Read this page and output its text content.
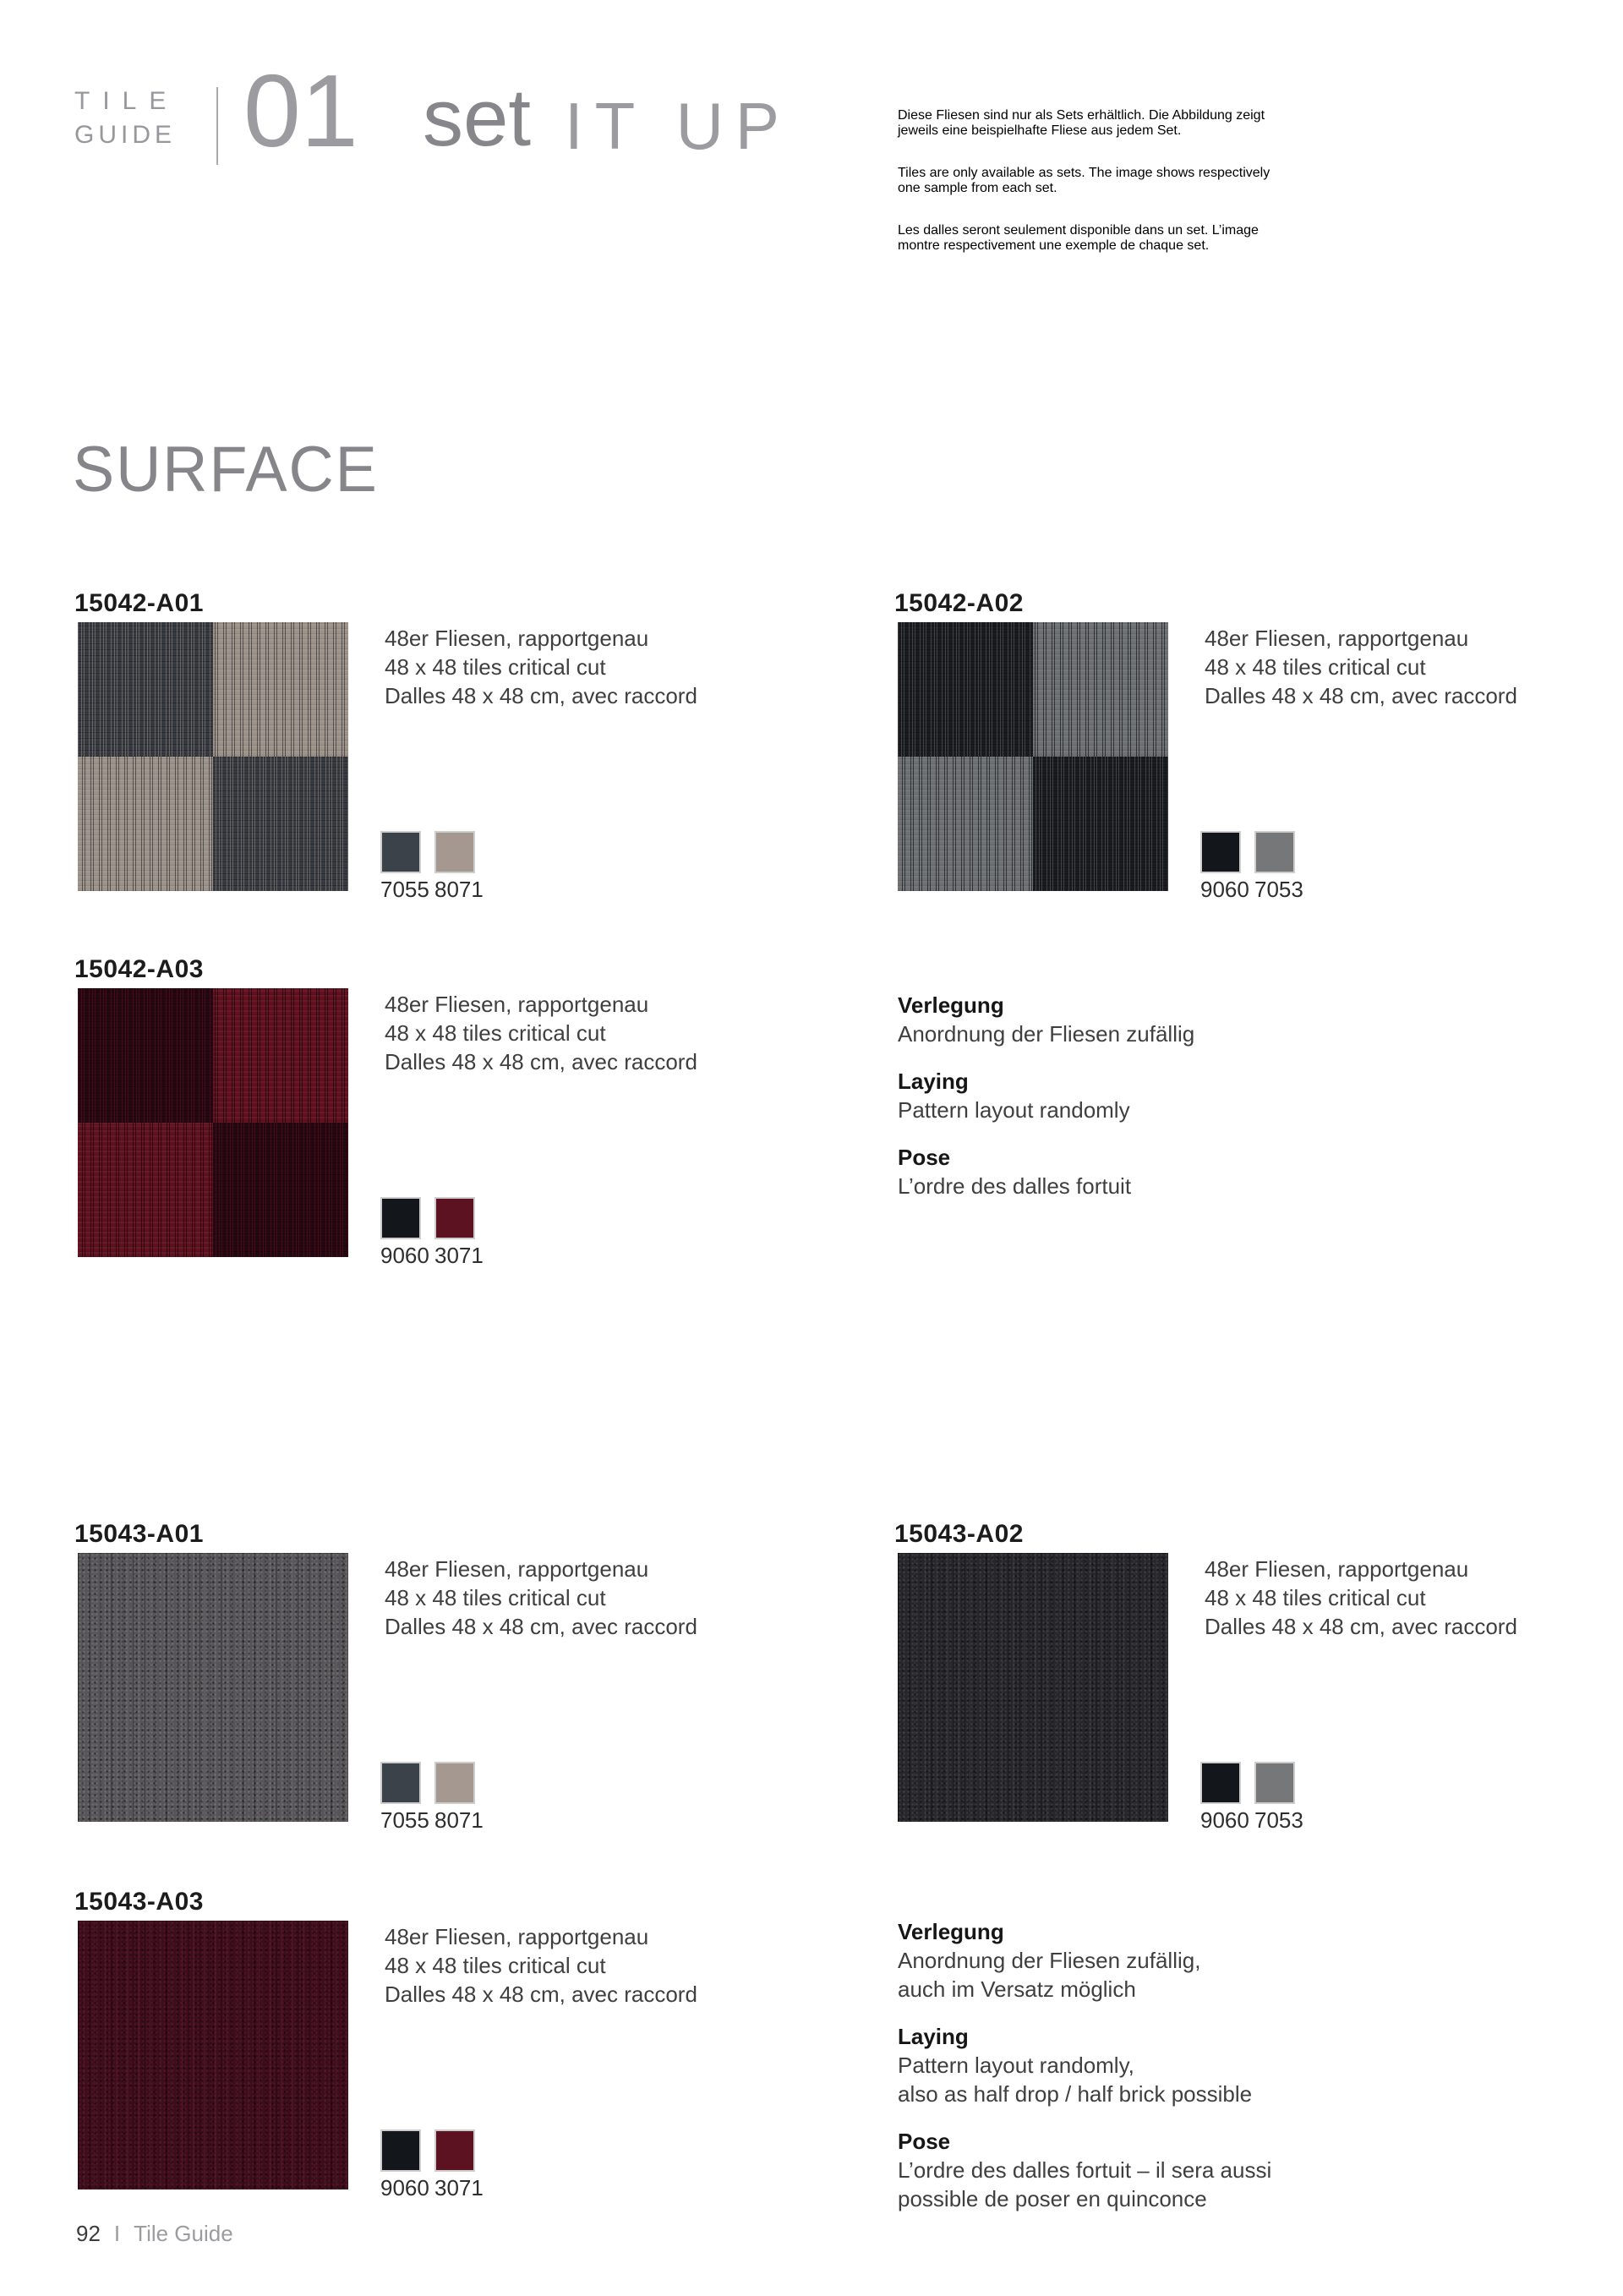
TILE
GUIDE 01 set IT UP	Diese Fliesen sind nur als Sets erhältlich. Die Abbildung zeigt
jeweils eine beispielhafte Fliese aus jedem Set.

Tiles are only available as sets. The image shows respectively
one sample from each set.

Les dalles seront seulement disponible dans un set. L’image
montre respectivement une exemple de chaque set.

SURFACE
15042-A01
48er Fliesen, rapportgenau
48 x 48 tiles critical cut
Dalles 48 x 48 cm, avec raccord
7055 8071
15042-A02
48er Fliesen, rapportgenau
48 x 48 tiles critical cut
Dalles 48 x 48 cm, avec raccord
9060 7053
15042-A03
48er Fliesen, rapportgenau
48 x 48 tiles critical cut
Dalles 48 x 48 cm, avec raccord
9060 3071
Verlegung
Anordnung der Fliesen zufällig
Laying
Pattern layout randomly
Pose
L’ordre des dalles fortuit
15043-A01
48er Fliesen, rapportgenau
48 x 48 tiles critical cut
Dalles 48 x 48 cm, avec raccord
7055 8071
15043-A02
48er Fliesen, rapportgenau
48 x 48 tiles critical cut
Dalles 48 x 48 cm, avec raccord
9060 7053
15043-A03
48er Fliesen, rapportgenau
48 x 48 tiles critical cut
Dalles 48 x 48 cm, avec raccord
9060 3071
Verlegung
Anordnung der Fliesen zufällig,
auch im Versatz möglich
Laying
Pattern layout randomly,
also as half drop / half brick possible
Pose
L’ordre des dalles fortuit – il sera aussi
possible de poser en quinconce
92 I Tile Guide
